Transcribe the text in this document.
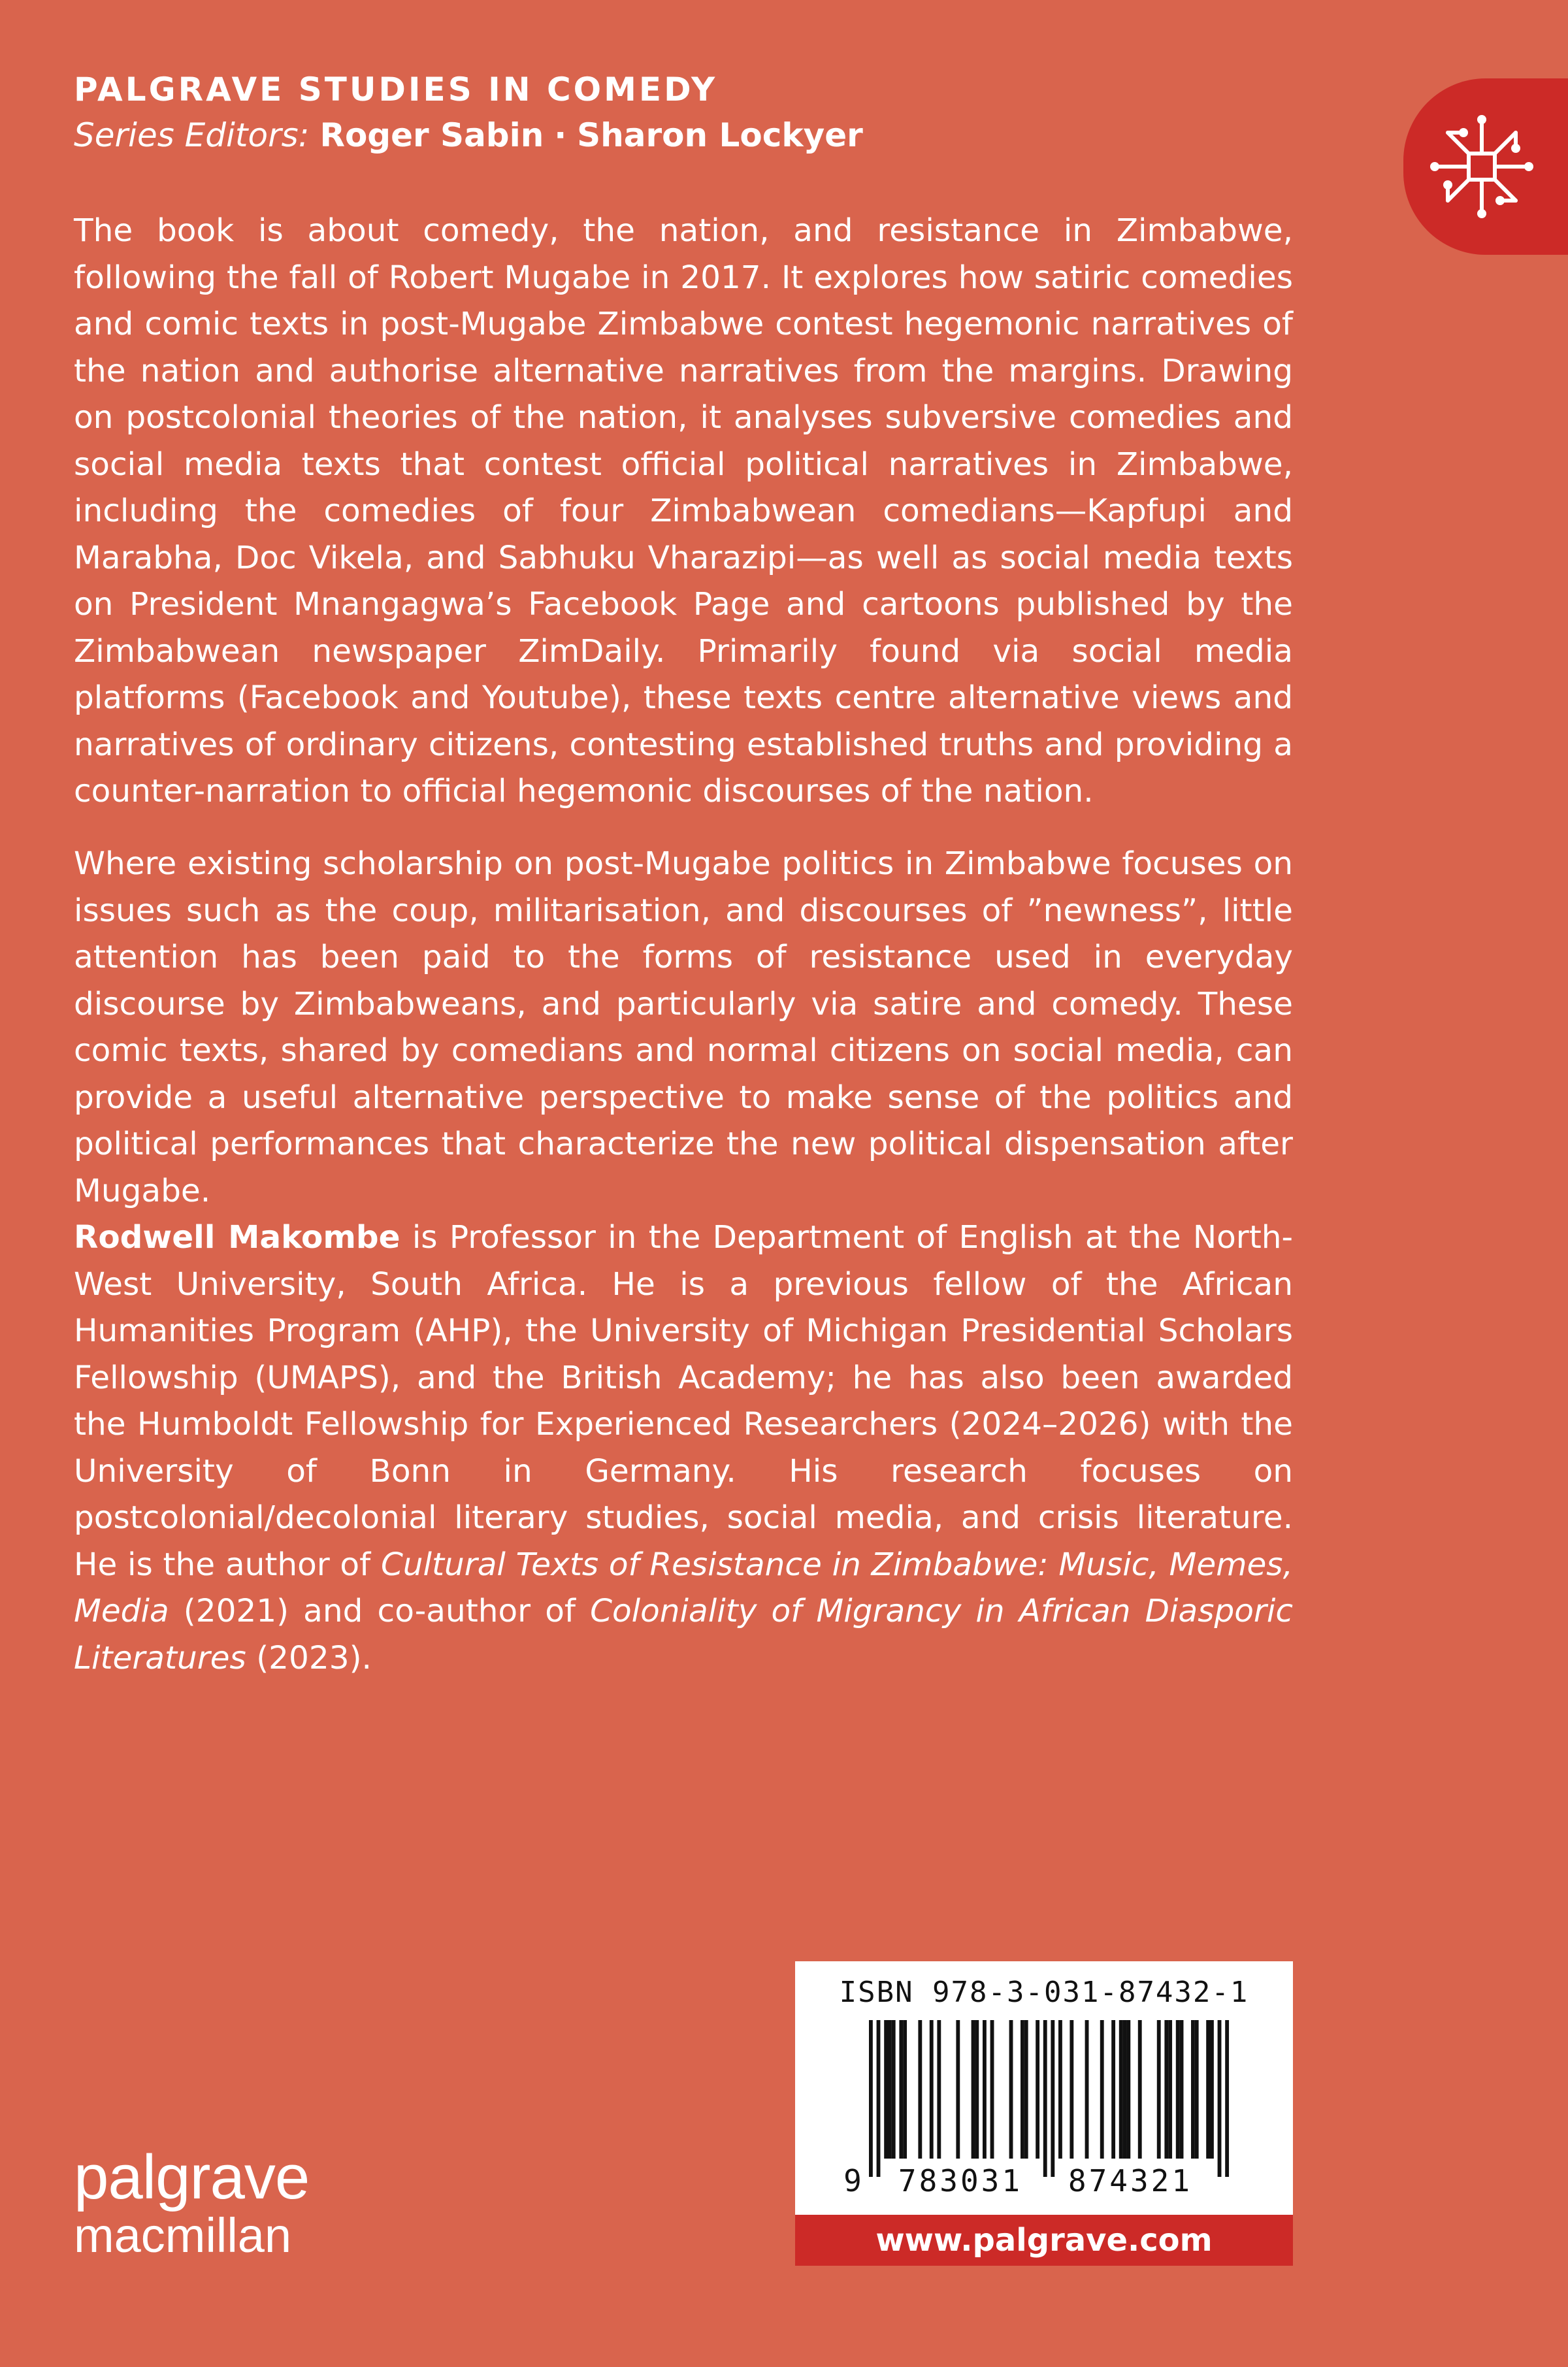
PALGRAVE STUDIES IN COMEDY
Series Editors: Roger Sabin · Sharon Lockyer

The book is about comedy, the nation, and resistance in Zimbabwe, following the fall of Robert Mugabe in 2017. It explores how satiric comedies and comic texts in post-Mugabe Zimbabwe contest hegemonic narratives of the nation and authorise alternative narratives from the margins. Drawing on postcolonial theories of the nation, it analyses subversive comedies and social media texts that contest official political narratives in Zimbabwe, including the comedies of four Zimbabwean comedians—Kapfupi and Marabha, Doc Vikela, and Sabhuku Vharazipi—as well as social media texts on President Mnangagwa’s Facebook Page and cartoons published by the Zimbabwean newspaper ZimDaily. Primarily found via social media platforms (Facebook and Youtube), these texts centre alternative views and narratives of ordinary citizens, contesting established truths and providing a counter-narration to official hegemonic discourses of the nation.

Where existing scholarship on post-Mugabe politics in Zimbabwe focuses on issues such as the coup, militarisation, and discourses of ”newness”, little attention has been paid to the forms of resistance used in everyday discourse by Zimbabweans, and particularly via satire and comedy. These comic texts, shared by comedians and normal citizens on social media, can provide a useful alternative perspective to make sense of the politics and political performances that characterize the new political dispensation after Mugabe.

Rodwell Makombe is Professor in the Department of English at the North-West University, South Africa. He is a previous fellow of the African Humanities Program (AHP), the University of Michigan Presidential Scholars Fellowship (UMAPS), and the British Academy; he has also been awarded the Humboldt Fellowship for Experienced Researchers (2024–2026) with the University of Bonn in Germany. His research focuses on postcolonial/decolonial literary studies, social media, and crisis literature. He is the author of Cultural Texts of Resistance in Zimbabwe: Music, Memes, Media (2021) and co-author of Coloniality of Migrancy in African Diasporic Literatures (2023).

ISBN 978-3-031-87432-1
9 783031 874321
www.palgrave.com
palgrave
macmillan
